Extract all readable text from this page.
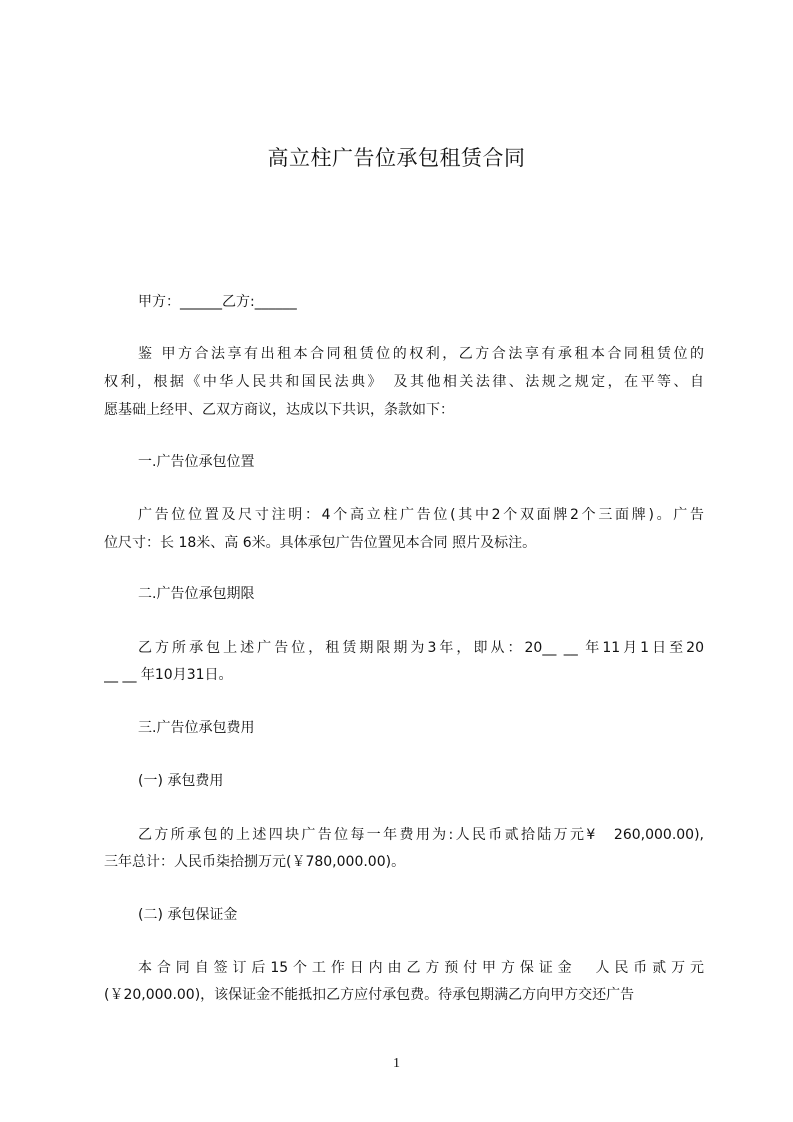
高立柱广告位承包租赁合同
甲方：______乙方:______
鉴 甲方合法享有出租本合同租赁位的权利，乙方合法享有承租本合同租赁位的
权利，根据《中华人民共和国民法典》　及其他相关法律、法规之规定，在平等、自
愿基础上经甲、乙双方商议，达成以下共识，条款如下：
一.广告位承包位置
广告位位置及尺寸注明：4个高立柱广告位(其中2个双面牌2个三面牌)。广告
位尺寸：长 18米、高 6米。具体承包广告位置见本合同 照片及标注。
二.广告位承包期限
乙方所承包上述广告位，租赁期限期为3年，即从：20__ __ 年11月1日至20
__ __ 年10月31日。
三.广告位承包费用
(一) 承包费用
乙方所承包的上述四块广告位每一年费用为:人民币贰拾陆万元¥　260,000.00),
三年总计：人民币柒拾捌万元(￥780,000.00)。
(二) 承包保证金
本合同自签订后15个工作日内由乙方预付甲方保证金　人民币贰万元
(￥20,000.00)，该保证金不能抵扣乙方应付承包费。待承包期满乙方向甲方交还广告
1
